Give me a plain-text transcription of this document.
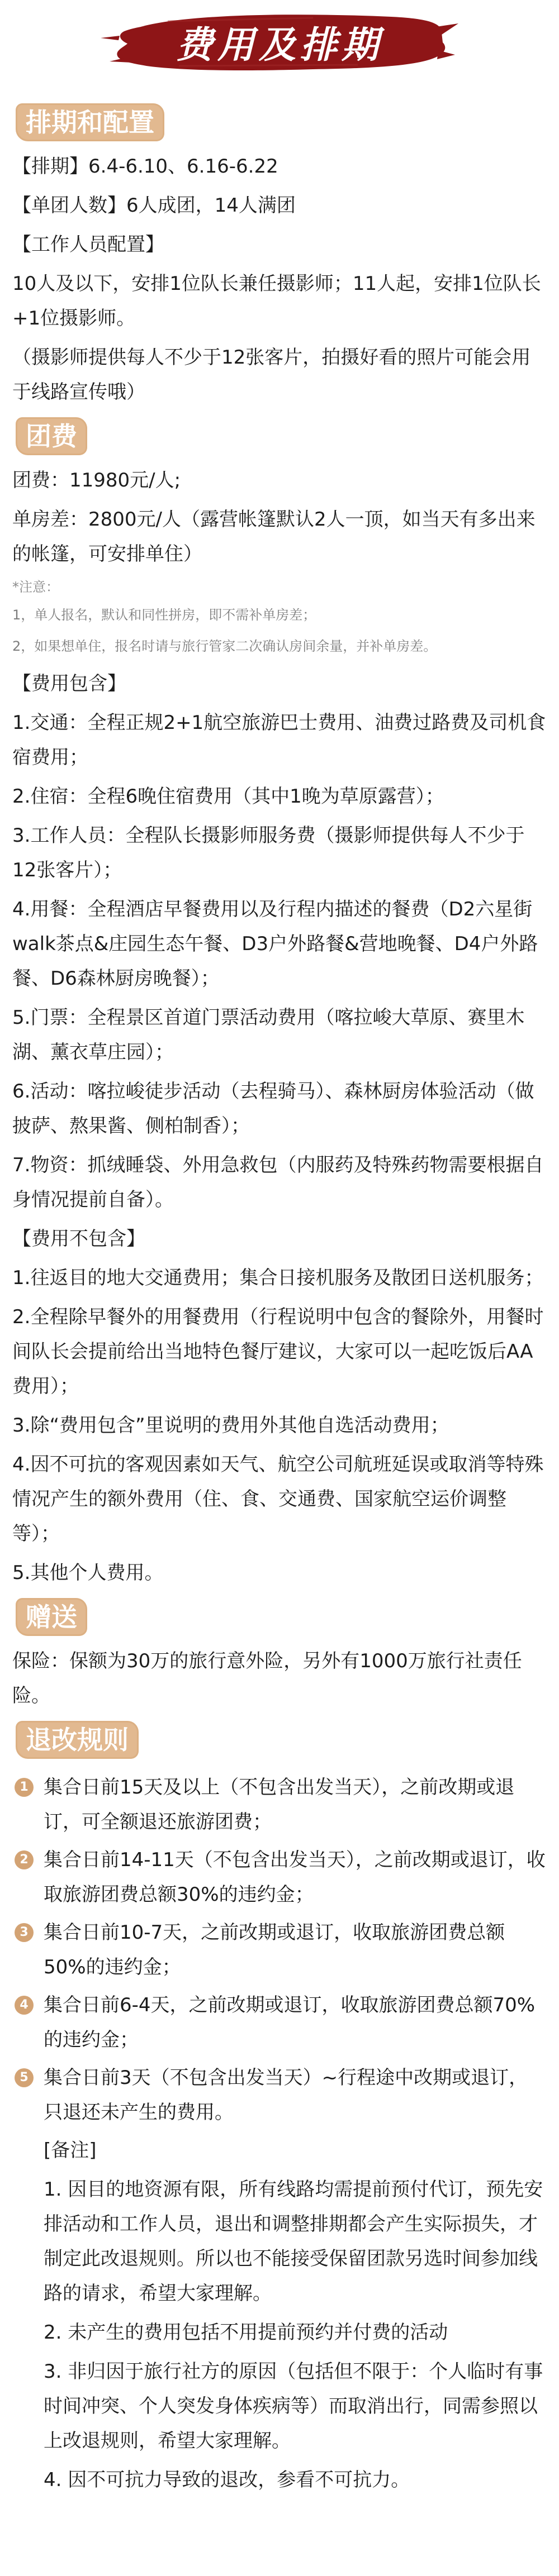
费用及排期
排期和配置
【排期】6.4-6.10、6.16-6.22
【单团人数】6人成团，14人满团
【工作人员配置】
10人及以下，安排1位队长兼任摄影师；11人起，安排1位队长+1位摄影师。
（摄影师提供每人不少于12张客片，拍摄好看的照片可能会用于线路宣传哦）
团费
团费：11980元/人;
单房差：2800元/人（露营帐篷默认2人一顶，如当天有多出来的帐篷，可安排单住）
*注意：
1，单人报名，默认和同性拼房，即不需补单房差；
2，如果想单住，报名时请与旅行管家二次确认房间余量，并补单房差。
【费用包含】
1.交通：全程正规2+1航空旅游巴士费用、油费过路费及司机食宿费用；
2.住宿：全程6晚住宿费用（其中1晚为草原露营）；
3.工作人员：全程队长摄影师服务费（摄影师提供每人不少于12张客片）；
4.用餐：全程酒店早餐费用以及行程内描述的餐费（D2六星街walk茶点&庄园生态午餐、D3户外路餐&营地晚餐、D4户外路餐、D6森林厨房晚餐）；
5.门票：全程景区首道门票活动费用（喀拉峻大草原、赛里木湖、薰衣草庄园）；
6.活动：喀拉峻徒步活动（去程骑马）、森林厨房体验活动（做披萨、熬果酱、侧柏制香）；
7.物资：抓绒睡袋、外用急救包（内服药及特殊药物需要根据自身情况提前自备）。
【费用不包含】
1.往返目的地大交通费用；集合日接机服务及散团日送机服务；
2.全程除早餐外的用餐费用（行程说明中包含的餐除外，用餐时间队长会提前给出当地特色餐厅建议，大家可以一起吃饭后AA费用）；
3.除“费用包含”里说明的费用外其他自选活动费用；
4.因不可抗的客观因素如天气、航空公司航班延误或取消等特殊情况产生的额外费用（住、食、交通费、国家航空运价调整等）；
5.其他个人费用。
赠送
保险：保额为30万的旅行意外险，另外有1000万旅行社责任险。
退改规则
1 集合日前15天及以上（不包含出发当天），之前改期或退订，可全额退还旅游团费；
2 集合日前14-11天（不包含出发当天），之前改期或退订，收取旅游团费总额30%的违约金；
3 集合日前10-7天，之前改期或退订，收取旅游团费总额50%的违约金；
4 集合日前6-4天，之前改期或退订，收取旅游团费总额70%的违约金；
5 集合日前3天（不包含出发当天）~行程途中改期或退订，只退还未产生的费用。
[备注]
1. 因目的地资源有限，所有线路均需提前预付代订，预先安排活动和工作人员，退出和调整排期都会产生实际损失，才制定此改退规则。所以也不能接受保留团款另选时间参加线路的请求，希望大家理解。
2. 未产生的费用包括不用提前预约并付费的活动
3. 非归因于旅行社方的原因（包括但不限于：个人临时有事时间冲突、个人突发身体疾病等）而取消出行，同需参照以上改退规则，希望大家理解。
4. 因不可抗力导致的退改，参看不可抗力。
